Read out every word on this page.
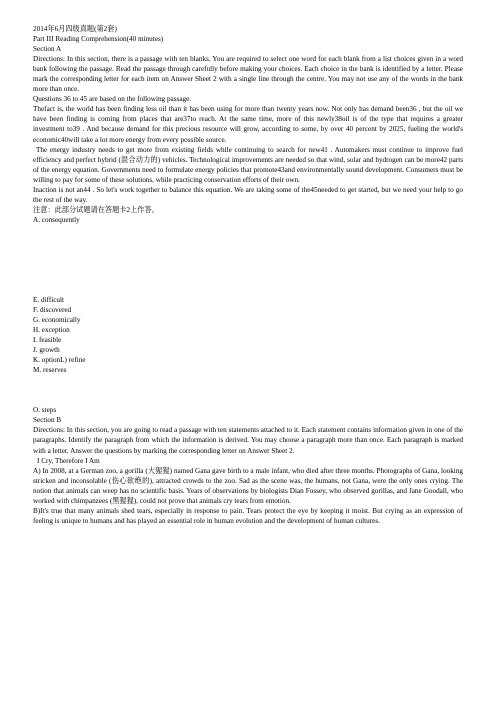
2014年6月四级真题(第2套)
Part III Reading Comprehension(40 minutes)
Section A
Directions: In this section, there is a passage with ten blanks. You are required to select one word for each blank from a list choices given in a word bank following the passage. Read the passage through carefully before making your choices. Each choice in the bank is identified by a letter. Please mark the corresponding letter for each item on Answer Sheet 2 with a single line through the centre. You may not use any of the words in the bank more than once.
Questions 36 to 45 are based on the following passage.
Thefact is, the world has been finding less oil than it has been using for more than twenty years now. Not only has demand been36 , but the oil we have been finding is coming from places that are37to reach. At the same time, more of this newly38oil is of the type that requires a greater investment to39 . And because demand for this precious resource will grow, according to some, by over 40 percent by 2025, fueling the world's economic40will take a lot more energy from every possible source.
The energy industry needs to get more from existing fields while continuing to search for new41 . Automakers must continue to improve fuel efficiency and perfect hybrid (混合动力的) vehicles. Technological improvements are needed so that wind, solar and hydrogen can be more42 parts of the energy equation. Governments need to formulate energy policies that promote43and environmentally sound development. Consumers must be willing to pay for some of these solutions, while practicing conservation efforts of their own.
Inaction is not an44 . So let's work together to balance this equation. We are taking some of the45needed to get started, but we need your help to go the rest of the way.
注意：此部分试题请在答题卡2上作答。
A. consequently
E. difficult
F. discovered
G. economically
H. exception
I. feasible
J. growth
K. optionL) refine
M. reserves
O. steps
Section B
Directions: In this section, you are going to read a passage with ten statements attached to it. Each statement contains information given in one of the paragraphs. Identify the paragraph from which the information is derived. You may choose a paragraph more than once. Each paragraph is marked with a letter. Answer the questions by marking the corresponding letter on Answer Sheet 2.
I Cry, Therefore I Am
A) In 2008, at a German zoo, a gorilla (大猩猩) named Gana gave birth to a male infant, who died after three months. Photographs of Gana, looking stricken and inconsolable (伤心欲绝的), attracted crowds to the zoo. Sad as the scene was, the humans, not Gana, were the only ones crying. The notion that animals can weep has no scientific basis. Years of observations by biologists Dian Fossey, who observed gorillas, and Jane Goodall, who worked with chimpanzees (黑猩猩), could not prove that animals cry tears from emotion.
B)It's true that many animals shed tears, especially in response to pain. Tears protect the eye by keeping it moist. But crying as an expression of feeling is unique to humans and has played an essential role in human evolution and the development of human cultures.
